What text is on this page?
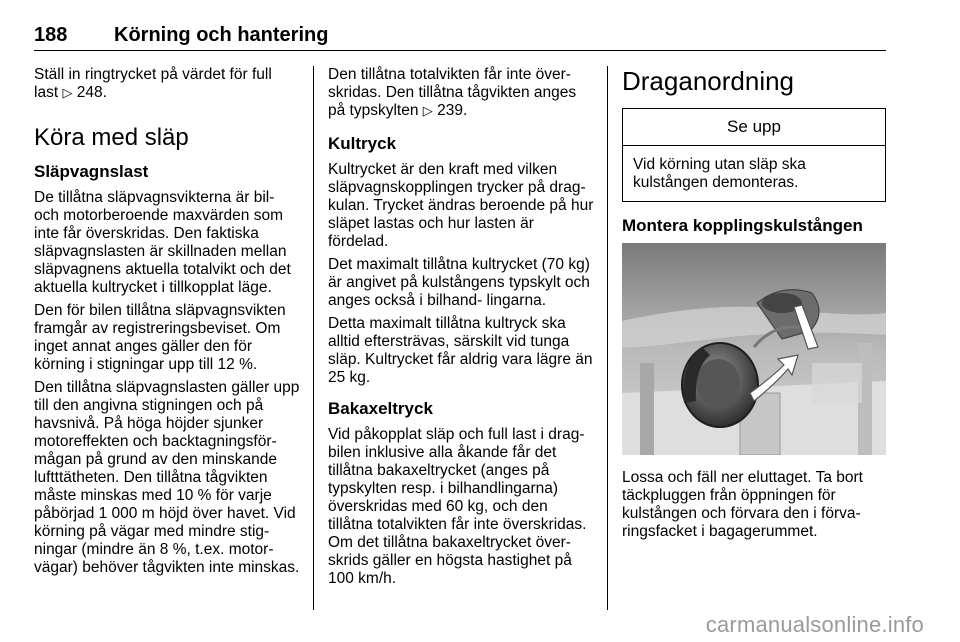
188 Körning och hantering

Ställ in ringtrycket på värdet för full last ▷ 248.

Köra med släp
Släpvagnslast

De tillåtna släpvagnsvikterna är bil- och motorberoende maxvärden som inte får överskridas. Den faktiska släpvagnslasten är skillnaden mellan släpvagnens aktuella totalvikt och det aktuella kultrycket i tillkopplat läge.

Den för bilen tillåtna släpvagnsvikten framgår av registreringsbeviset. Om inget annat anges gäller den för körning i stigningar upp till 12 %.

Den tillåtna släpvagnslasten gäller upp till den angivna stigningen och på havsnivå. På höga höjder sjunker motoreffekten och backtagningsför- mågan på grund av den minskande luftttätheten. Den tillåtna tågvikten måste minskas med 10 % för varje påbörjad 1 000 m höjd över havet. Vid körning på vägar med mindre stig- ningar (mindre än 8 %, t.ex. motor- vägar) behöver tågvikten inte minskas.

Den tillåtna totalvikten får inte över- skridas. Den tillåtna tågvikten anges på typskylten ▷ 239.

Kultryck

Kultrycket är den kraft med vilken släpvagnskopplingen trycker på drag- kulan. Trycket ändras beroende på hur släpet lastas och hur lasten är fördelad.

Det maximalt tillåtna kultrycket (70 kg) är angivet på kulstångens typskylt och anges också i bilhand- lingarna.

Detta maximalt tillåtna kultryck ska alltid eftersträvas, särskilt vid tunga släp. Kultrycket får aldrig vara lägre än 25 kg.

Bakaxeltryck

Vid påkopplat släp och full last i drag- bilen inklusive alla åkande får det tillåtna bakaxeltrycket (anges på typskylten resp. i bilhandlingarna) överskridas med 60 kg, och den tillåtna totalvikten får inte överskridas. Om det tillåtna bakaxeltrycket över- skrids gäller en högsta hastighet på 100 km/h.

Draganordning
Se upp
Vid körning utan släp ska kulstången demonteras.
Montera kopplingskulstången

Lossa och fäll ner eluttaget. Ta bort täckpluggen från öppningen för kulstången och förvara den i förva- ringsfacket i bagagerummet.

carmanualsonline.info
